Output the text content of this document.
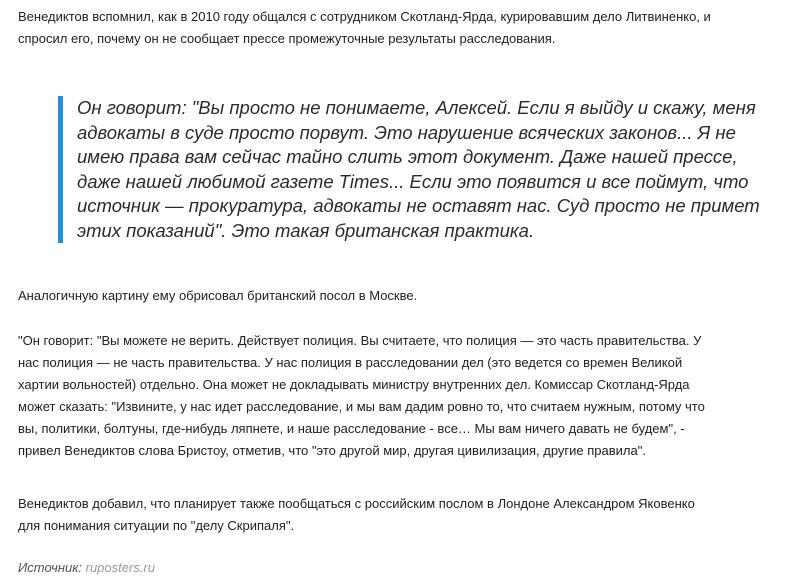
Венедиктов вспомнил, как в 2010 году общался с сотрудником Скотланд-Ярда, курировавшим дело Литвиненко, и спросил его, почему он не сообщает прессе промежуточные результаты расследования.

Он говорит: "Вы просто не понимаете, Алексей. Если я выйду и скажу, меня адвокаты в суде просто порвут. Это нарушение всяческих законов... Я не имею права вам сейчас тайно слить этот документ. Даже нашей прессе, даже нашей любимой газете Times... Если это появится и все поймут, что источник — прокуратура, адвокаты не оставят нас. Суд просто не примет этих показаний". Это такая британская практика.

Аналогичную картину ему обрисовал британский посол в Москве.

"Он говорит: "Вы можете не верить. Действует полиция. Вы считаете, что полиция — это часть правительства. У нас полиция — не часть правительства. У нас полиция в расследовании дел (это ведется со времен Великой хартии вольностей) отдельно. Она может не докладывать министру внутренних дел. Комиссар Скотланд-Ярда может сказать: "Извините, у нас идет расследование, и мы вам дадим ровно то, что считаем нужным, потому что вы, политики, болтуны, где-нибудь ляпнете, и наше расследование - все… Мы вам ничего давать не будем", - привел Венедиктов слова Бристоу, отметив, что "это другой мир, другая цивилизация, другие правила".

Венедиктов добавил, что планирует также пообщаться с российским послом в Лондоне Александром Яковенко для понимания ситуации по "делу Скрипаля".

Источник: ruposters.ru
